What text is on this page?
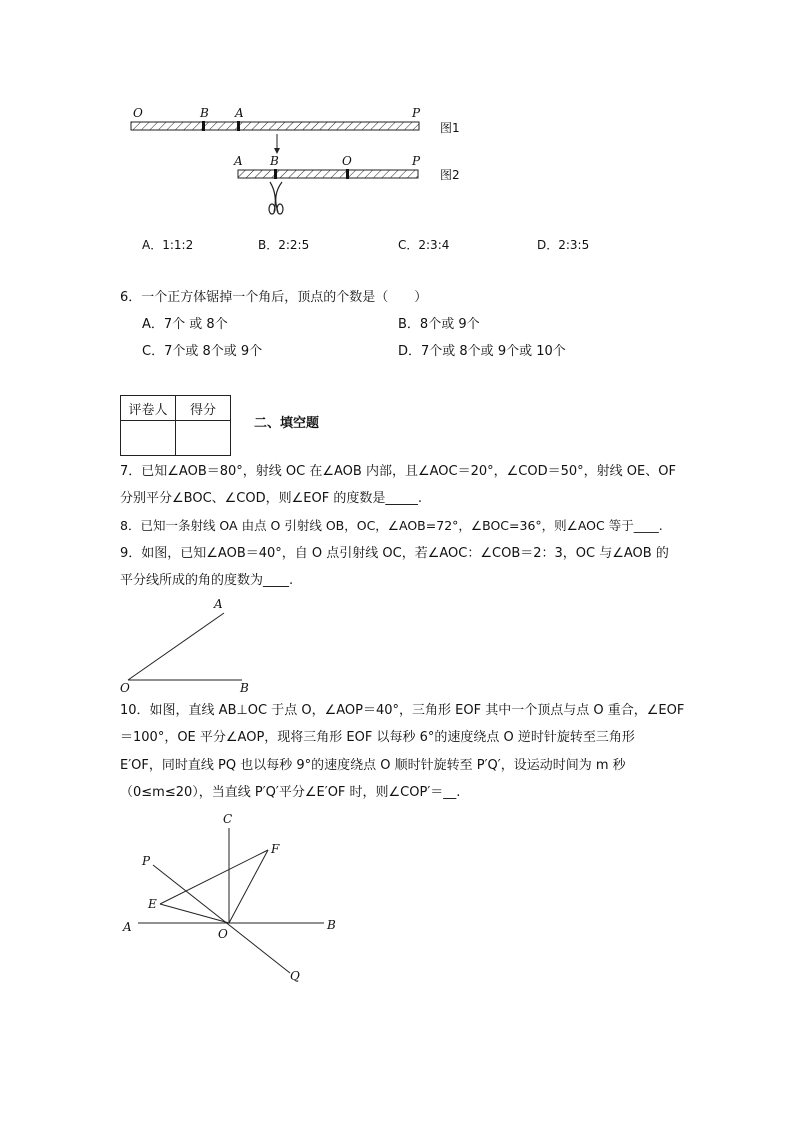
O	B A	P
图1
A B	O	P
图2
A．1:1:2	B．2:2:5	C．2:3:4	D．2:3:5
6．一个正方体锯掉一个角后，顶点的个数是（　　）
A．7个 或 8个	B．8个或 9个
C．7个或 8个或 9个	D．7个或 8个或 9个或 10个
评卷人	得分

二、填空题
7．已知∠AOB＝80°，射线 OC 在∠AOB 内部，且∠AOC＝20°，∠COD＝50°，射线 OE、OF
分别平分∠BOC、∠COD，则∠EOF 的度数是_____.
8．已知一条射线 OA 由点 O 引射线 OB，OC，∠AOB=72°，∠BOC=36°，则∠AOC 等于____.
9．如图，已知∠AOB＝40°，自 O 点引射线 OC，若∠AOC：∠COB＝2：3，OC 与∠AOB 的
平分线所成的角的度数为____.
A
O	B
10．如图，直线 AB⊥OC 于点 O，∠AOP＝40°，三角形 EOF 其中一个顶点与点 O 重合，∠EOF
＝100°，OE 平分∠AOP，现将三角形 EOF 以每秒 6°的速度绕点 O 逆时针旋转至三角形
E′OF，同时直线 PQ 也以每秒 9°的速度绕点 O 顺时针旋转至 P′Q′，设运动时间为 m 秒
（0≤m≤20），当直线 P′Q′平分∠E′OF 时，则∠COP′＝__.
C
P
F
E
A	O
B
Q
